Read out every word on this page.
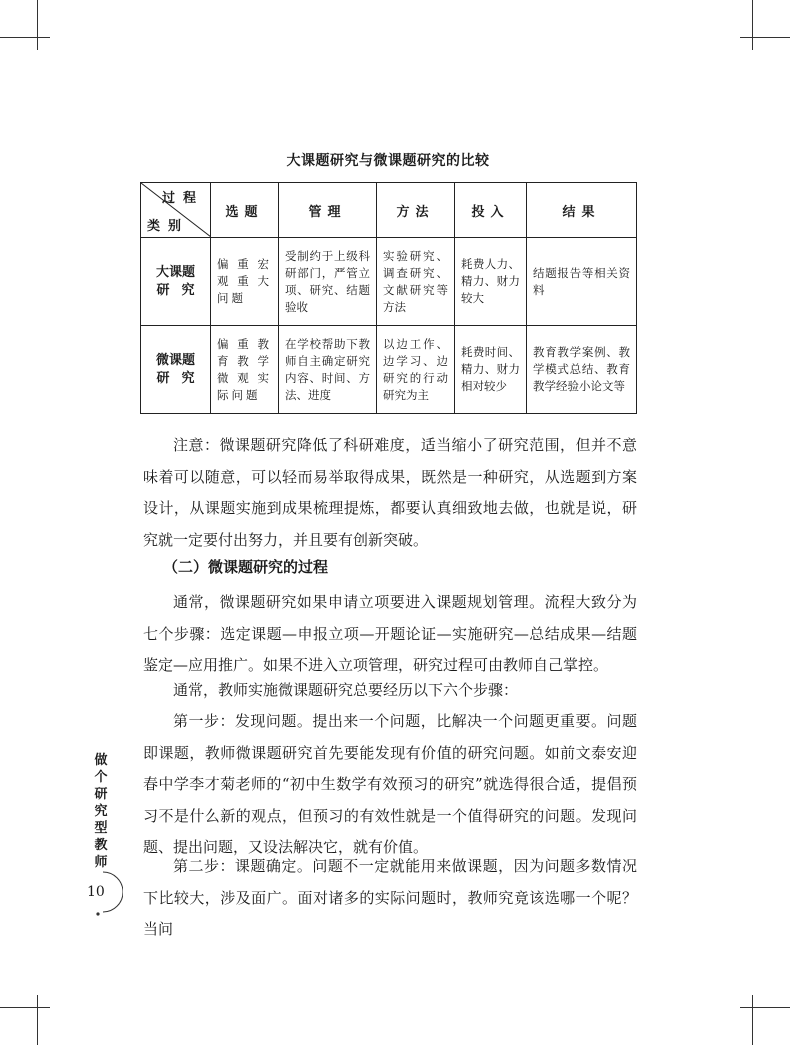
大课题研究与微课题研究的比较
过程
类别	选题	管理	方法	投入	结果

大课题
研究	偏重宏观重大问题	受制约于上级科研部门，严管立项、研究、结题验收	实验研究、调查研究、文献研究等方法	耗费人力、精力、财力较大	结题报告等相关资料

微课题
研究	偏重教育教学微观实际问题	在学校帮助下教师自主确定研究内容、时间、方法、进度	以边工作、边学习、边研究的行动研究为主	耗费时间、精力、财力相对较少	教育教学案例、教学模式总结、教育教学经验小论文等

注意：微课题研究降低了科研难度，适当缩小了研究范围，但并不意味着可以随意，可以轻而易举取得成果，既然是一种研究，从选题到方案设计，从课题实施到成果梳理提炼，都要认真细致地去做，也就是说，研究就一定要付出努力，并且要有创新突破。

（二）微课题研究的过程

通常，微课题研究如果申请立项要进入课题规划管理。流程大致分为七个步骤：选定课题—申报立项—开题论证—实施研究—总结成果—结题鉴定—应用推广。如果不进入立项管理，研究过程可由教师自己掌控。

通常，教师实施微课题研究总要经历以下六个步骤：

第一步：发现问题。提出来一个问题，比解决一个问题更重要。问题即课题，教师微课题研究首先要能发现有价值的研究问题。如前文泰安迎春中学李才菊老师的“初中生数学有效预习的研究”就选得很合适，提倡预习不是什么新的观点，但预习的有效性就是一个值得研究的问题。发现问题、提出问题，又设法解决它，就有价值。

第二步：课题确定。问题不一定就能用来做课题，因为问题多数情况下比较大，涉及面广。面对诸多的实际问题时，教师究竟该选哪一个呢？当问

做
个
研
究
型
教
师
10
